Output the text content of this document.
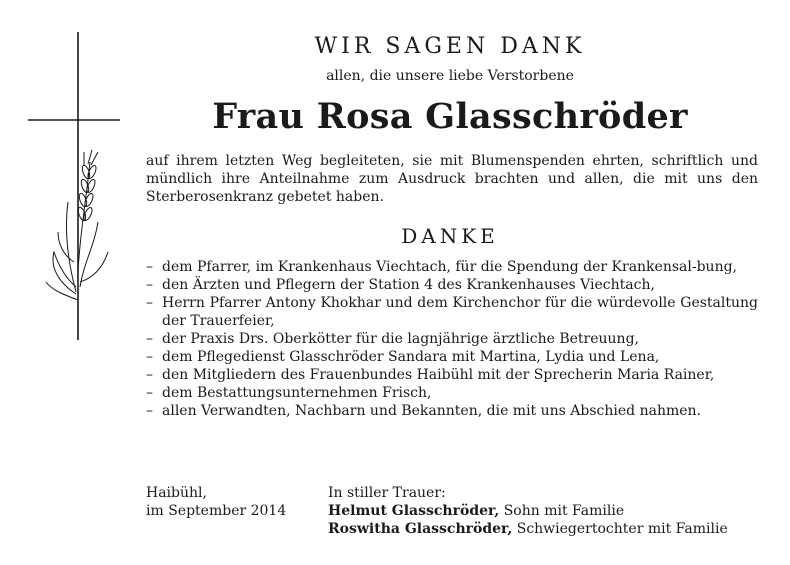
WIR SAGEN DANK
allen, die unsere liebe Verstorbene
Frau Rosa Glasschröder
auf ihrem letzten Weg begleiteten, sie mit Blumenspenden ehrten, schriftlich und mündlich ihre Anteilnahme zum Ausdruck brachten und allen, die mit uns den Sterberosenkranz gebetet haben.
DANKE
– dem Pfarrer, im Krankenhaus Viechtach, für die Spendung der Krankensal-bung,
– den Ärzten und Pflegern der Station 4 des Krankenhauses Viechtach,
– Herrn Pfarrer Antony Khokhar und dem Kirchenchor für die würdevolle Gestaltung der Trauerfeier,
– der Praxis Drs. Oberkötter für die lagnjährige ärztliche Betreuung,
– dem Pflegedienst Glasschröder Sandara mit Martina, Lydia und Lena,
– den Mitgliedern des Frauenbundes Haibühl mit der Sprecherin Maria Rainer,
– dem Bestattungsunternehmen Frisch,
– allen Verwandten, Nachbarn und Bekannten, die mit uns Abschied nahmen.
Haibühl,
im September 2014
In stiller Trauer:
Helmut Glasschröder, Sohn mit Familie
Roswitha Glasschröder, Schwiegertochter mit Familie
